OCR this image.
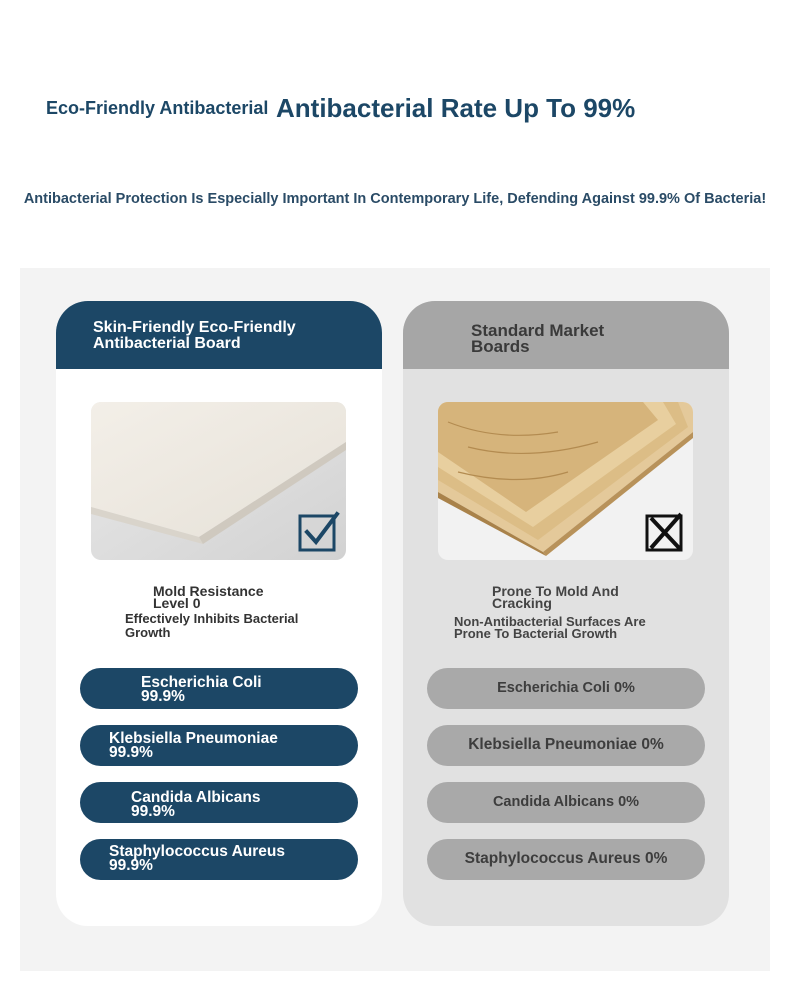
Eco-Friendly Antibacterial Antibacterial Rate Up To 99%
Antibacterial Protection Is Especially Important In Contemporary Life, Defending Against 99.9% Of Bacteria!
Skin-Friendly Eco-Friendly Antibacterial Board
Mold Resistance Level 0
Effectively Inhibits Bacterial Growth
Escherichia Coli
99.9%
Klebsiella Pneumoniae
99.9%
Candida Albicans
99.9%
Staphylococcus Aureus
99.9%
Standard Market Boards
Prone To Mold And Cracking
Non-Antibacterial Surfaces Are Prone To Bacterial Growth
Escherichia Coli 0%
Klebsiella Pneumoniae 0%
Candida Albicans 0%
Staphylococcus Aureus 0%
